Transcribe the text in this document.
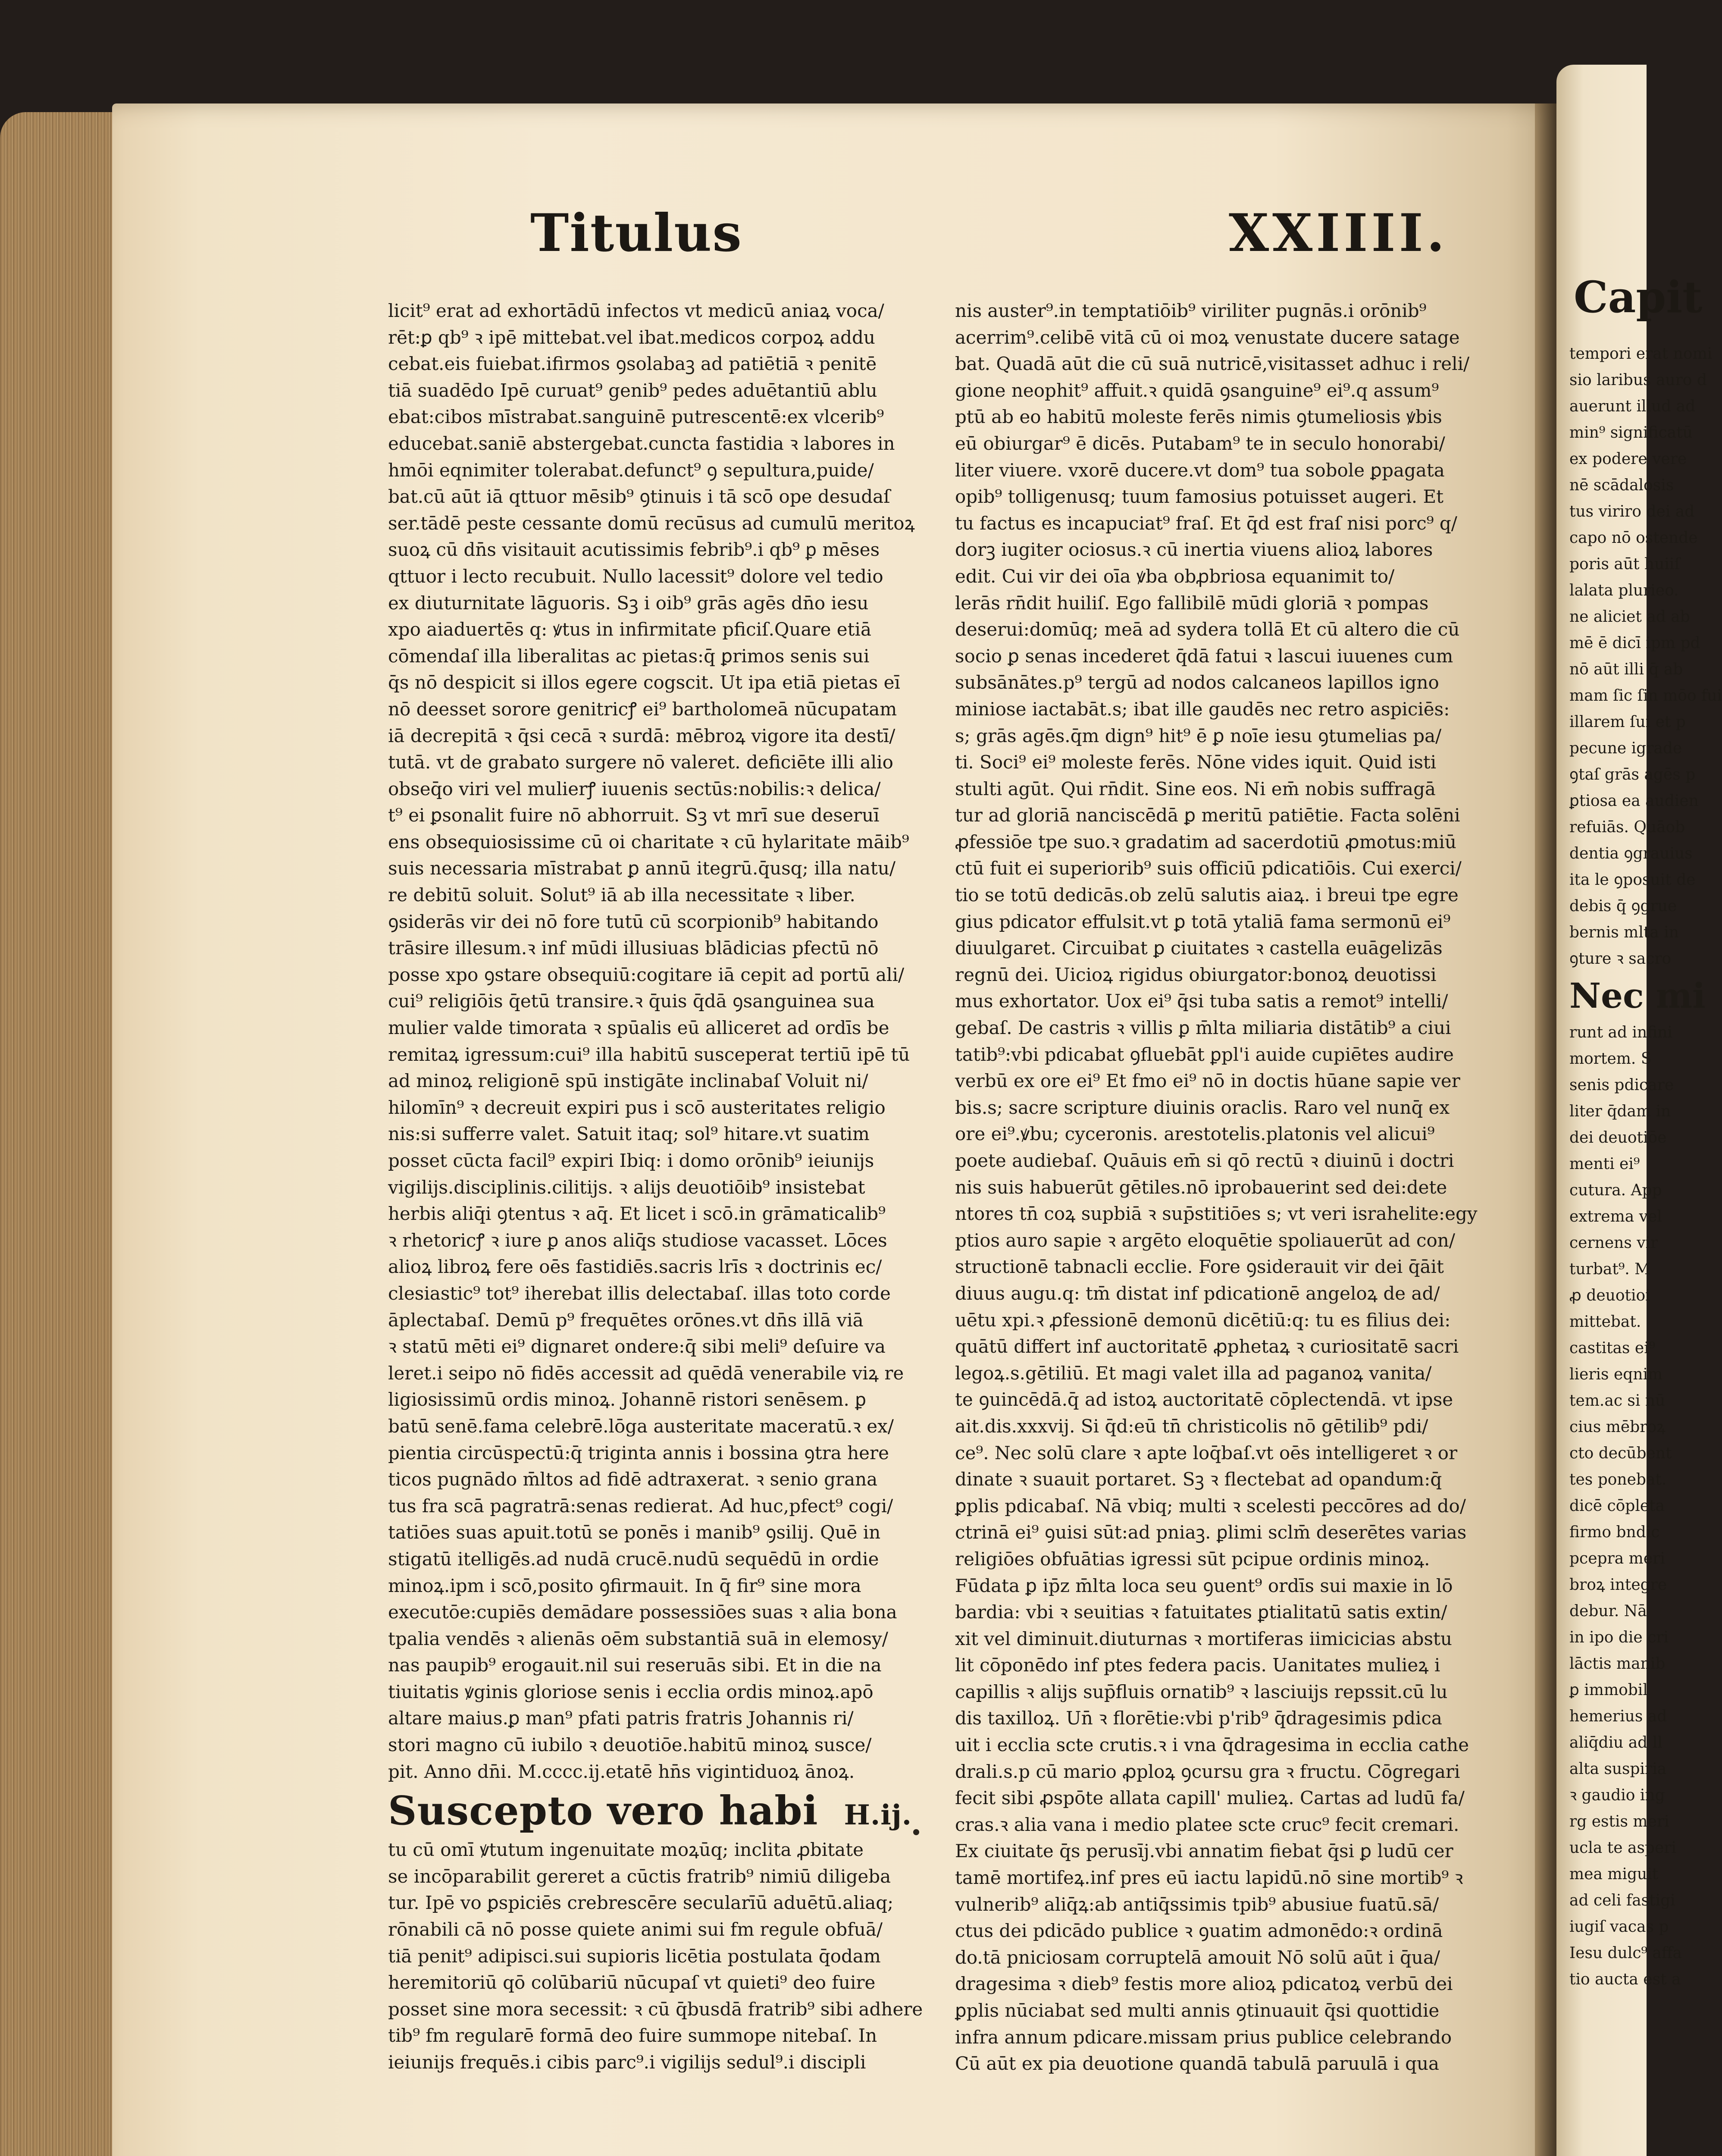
Capit
tempori erat nomi
sio laribus auro d
auerunt illud ad
min⁹ significatū
ex podere vere
nē scādalosis
tus viriro dei ad
capo nō ostende
poris aūt huiiſ
lalata plurieo.
ne aliciet ad ab
mē ē dicī ipm pd
nō aūt illi q̄ ab
mam ſic ſin mōo fui
illarem ſui et p
pecune igrade
ꝯtaſ grās agēs p
ꝑtiosa ea audien
refuiās. Quāob
dentia ꝯgrauius
ita le ꝯposuit de
debis q̄ ꝯgrue
bernis mlta in
ꝯture ꝛ sacro
Nec mi
runt ad infini
mortem. S
senis pdicare
liter q̄dam in
dei deuotiōe
menti ei⁹
cutura. App
extrema vel
cernens vir
turbat⁹. M
ꝓ deuotioi
mittebat.
castitas ei⁹
lieris eqnim
tem.ac si nū
cius mēbroꝝ
cto decūbent
tes ponebat.
dicē cōpleta
firmo bndic
pcepra meri
broꝝ integre
debur. Nā
in ipo die cri
lāctis manib
ꝑ immobil
hemerius ad
aliq̄diu ad ll
alta suspiria
ꝛ gaudio ing
rg estis meri
ucla te asperi
mea miguit
ad celi fastigi
iugiſ vacas p
Iesu dulc⁹ affa
tio aucta est a
Titulus	XXIIII.
licit⁹ erat ad exhortādū infectos vt medicū aniaꝝ voca/
rēt:ꝑ qb⁹ ꝛ ipē mittebat.vel ibat.medicos corpoꝝ addu
cebat.eis fuiebat.ifirmos ꝯsolabaꝫ ad patiētiā ꝛ penitē
tiā suadēdo Ipē curuat⁹ genib⁹ pedes aduētantiū ablu
ebat:cibos mīstrabat.sanguinē putrescentē:ex vlcerib⁹
educebat.saniē abstergebat.cuncta fastidia ꝛ labores in
hmōi eqnimiter tolerabat.defunct⁹ ꝯ sepultura,puide/
bat.cū aūt iā qttuor mēsib⁹ ꝯtinuis i tā scō ope desudaſ
ser.tādē peste cessante domū recūsus ad cumulū meritoꝝ
suoꝝ cū dn̄s visitauit acutissimis febrib⁹.i qb⁹ ꝑ mēses
qttuor i lecto recubuit. Nullo lacessit⁹ dolore vel tedio
ex diuturnitate lāguoris. Sꝫ i oib⁹ grās agēs dn̄o iesu
xpo aiaduertēs q: ꝟtus in infirmitate pficiſ.Quare etiā
cōmendaſ illa liberalitas ac pietas:q̄ ꝑrimos senis sui
q̄s nō despicit si illos egere cogscit. Ut ipa etiā pietas eī
nō deesset sorore genitricꝭ ei⁹ bartholomeā nūcupatam
iā decrepitā ꝛ q̄si cecā ꝛ surdā: mēbroꝝ vigore ita destī/
tutā. vt de grabato surgere nō valeret. deficiēte illi alio
obseq̄o viri vel mulierꝭ iuuenis sectūs:nobilis:ꝛ delica/
t⁹ ei ꝑsonalit fuire nō abhorruit. Sꝫ vt mrī sue deseruī
ens obsequiosissime cū oi charitate ꝛ cū hylaritate māib⁹
suis necessaria mīstrabat ꝑ annū itegrū.q̄usq; illa natu/
re debitū soluit. Solut⁹ iā ab illa necessitate ꝛ liber.
ꝯsiderās vir dei nō fore tutū cū scorpionib⁹ habitando
trāsire illesum.ꝛ inf mūdi illusiuas blādicias pfectū nō
posse xpo ꝯstare obsequiū:cogitare iā cepit ad portū ali/
cui⁹ religiōis q̄etū transire.ꝛ q̄uis q̄dā ꝯsanguinea sua
mulier valde timorata ꝛ spūalis eū alliceret ad ordīs be
remitaꝝ igressum:cui⁹ illa habitū susceperat tertiū ipē tū
ad minoꝝ religionē spū instigāte inclinabaſ Voluit ni/
hilomīn⁹ ꝛ decreuit expiri pus i scō austeritates religio
nis:si sufferre valet. Satuit itaq; sol⁹ hitare.vt suatim
posset cūcta facil⁹ expiri Ibiq: i domo orōnib⁹ ieiunijs
vigilijs.disciplinis.cilitijs. ꝛ alijs deuotiōib⁹ insistebat
herbis aliq̄i ꝯtentus ꝛ aq̄. Et licet i scō.in grāmaticalib⁹
ꝛ rhetoricꝭ ꝛ iure ꝑ anos aliq̄s studiose vacasset. Lōces
alioꝝ libroꝝ fere oēs fastidiēs.sacris lrīs ꝛ doctrinis ec/
clesiastic⁹ tot⁹ iherebat illis delectabaſ. illas toto corde
āplectabaſ. Demū p⁹ frequētes orōnes.vt dn̄s illā viā
ꝛ statū mēti ei⁹ dignaret ondere:q̄ sibi meli⁹ deſuire va
leret.i seipo nō fidēs accessit ad quēdā venerabile viꝝ re
ligiosissimū ordis minoꝝ. Johannē ristori senēsem. ꝑ
batū senē.fama celebrē.lōga austeritate maceratū.ꝛ ex/
pientia circūspectū:q̄ triginta annis i bossina ꝯtra here
ticos pugnādo m̄ltos ad fidē adtraxerat. ꝛ senio grana
tus fra scā pagratrā:senas redierat. Ad huc,pfect⁹ cogi/
tatiōes suas apuit.totū se ponēs i manib⁹ ꝯsilij. Quē in
stigatū itelligēs.ad nudā crucē.nudū sequēdū in ordie
minoꝝ.ipm i scō,posito ꝯfirmauit. In q̄ fir⁹ sine mora
executōe:cupiēs demādare possessiōes suas ꝛ alia bona
tpalia vendēs ꝛ alienās oēm substantiā suā in elemosy/
nas paupib⁹ erogauit.nil sui reseruās sibi. Et in die na
tiuitatis ꝟginis gloriose senis i ecclia ordis minoꝝ.apō
altare maius.ꝑ man⁹ pfati patris fratris Johannis ri/
stori magno cū iubilo ꝛ deuotiōe.habitū minoꝝ susce/
pit. Anno dn̄i. M.cccc.ij.etatē hn̄s vigintiduoꝝ ānoꝝ.
Suscepto vero habi H.ij.
tu cū omī ꝟtutum ingenuitate moꝝūq; inclita ꝓbitate
se incōparabilit gereret a cūctis fratrib⁹ nimiū diligeba
tur. Ipē vo ꝑspiciēs crebrescēre secularīū aduētū.aliaq;
rōnabili cā nō posse quiete animi sui fm regule obfuā/
tiā penit⁹ adipisci.sui supioris licētia postulata q̄odam
heremitoriū qō colūbariū nūcupaſ vt quieti⁹ deo fuire
posset sine mora secessit: ꝛ cū q̄busdā fratrib⁹ sibi adhere
tib⁹ fm regularē formā deo fuire summope nitebaſ. In
ieiunijs frequēs.i cibis parc⁹.i vigilijs sedul⁹.i discipli
nis auster⁹.in temptatiōib⁹ viriliter pugnās.i orōnib⁹
acerrim⁹.celibē vitā cū oi moꝝ venustate ducere satage
bat. Quadā aūt die cū suā nutricē,visitasset adhuc i reli/
gione neophit⁹ affuit.ꝛ quidā ꝯsanguine⁹ ei⁹.q assum⁹
ptū ab eo habitū moleste ferēs nimis ꝯtumeliosis ꝟbis
eū obiurgar⁹ ē dicēs. Putabam⁹ te in seculo honorabi/
liter viuere. vxorē ducere.vt dom⁹ tua sobole ꝑpagata
opib⁹ tolligenusq; tuum famosius potuisset augeri. Et
tu factus es incapuciat⁹ fraſ. Et q̄d est fraſ nisi porc⁹ q/
dorꝫ iugiter ociosus.ꝛ cū inertia viuens alioꝝ labores
edit. Cui vir dei oīa ꝟba obꝓbriosa equanimit to/
lerās rn̄dit huiliſ. Ego fallibilē mūdi gloriā ꝛ pompas
deserui:domūq; meā ad sydera tollā Et cū altero die cū
socio ꝑ senas incederet q̄dā fatui ꝛ lascui iuuenes cum
subsānātes.p⁹ tergū ad nodos calcaneos lapillos igno
miniose iactabāt.s; ibat ille gaudēs nec retro aspiciēs:
s; grās agēs.q̄m dign⁹ hit⁹ ē ꝑ noīe iesu ꝯtumelias pa/
ti. Soci⁹ ei⁹ moleste ferēs. Nōne vides iquit. Quid isti
stulti agūt. Qui rn̄dit. Sine eos. Ni em̄ nobis suffragā
tur ad gloriā nanciscēdā ꝑ meritū patiētie. Facta solēni
ꝓfessiōe tpe suo.ꝛ gradatim ad sacerdotiū ꝓmotus:miū
ctū fuit ei superiorib⁹ suis officiū pdicatiōis. Cui exerci/
tio se totū dedicās.ob zelū salutis aiaꝝ. i breui tpe egre
gius pdicator effulsit.vt ꝑ totā ytaliā fama sermonū ei⁹
diuulgaret. Circuibat ꝑ ciuitates ꝛ castella euāgelizās
regnū dei. Uicioꝝ rigidus obiurgator:bonoꝝ deuotissi
mus exhortator. Uox ei⁹ q̄si tuba satis a remot⁹ intelli/
gebaſ. De castris ꝛ villis ꝑ m̄lta miliaria distātib⁹ a ciui
tatib⁹:vbi pdicabat ꝯfluebāt ꝑpl'i auide cupiētes audire
verbū ex ore ei⁹ Et fmo ei⁹ nō in doctis hūane sapie ver
bis.s; sacre scripture diuinis oraclis. Raro vel nunq̄ ex
ore ei⁹.ꝟbu; cyceronis. arestotelis.platonis vel alicui⁹
poete audiebaſ. Quāuis em̄ si qō rectū ꝛ diuinū i doctri
nis suis habuerūt gētiles.nō iprobauerint sed dei:dete
ntores tn̄ coꝝ supbiā ꝛ sup̄stitiōes s; vt veri israhelite:egy
ptios auro sapie ꝛ argēto eloquētie spoliauerūt ad con/
structionē tabnacli ecclie. Fore ꝯsiderauit vir dei q̄āit
diuus augu.q: tm̄ distat inf pdicationē angeloꝝ de ad/
uētu xpi.ꝛ ꝓfessionē demonū dicētiū:q: tu es filius dei:
quātū differt inf auctoritatē ꝓphetaꝝ ꝛ curiositatē sacri
legoꝝ.s.gētiliū. Et magi valet illa ad paganoꝝ vanita/
te ꝯuincēdā.q̄ ad istoꝝ auctoritatē cōplectendā. vt ipse
ait.dis.xxxvij. Si q̄d:eū tn̄ christicolis nō gētilib⁹ pdi/
ce⁹. Nec solū clare ꝛ apte loq̄baſ.vt oēs intelligeret ꝛ or
dinate ꝛ suauit portaret. Sꝫ ꝛ flectebat ad opandum:q̄
ꝑplis pdicabaſ. Nā vbiq; multi ꝛ scelesti peccōres ad do/
ctrinā ei⁹ ꝯuisi sūt:ad pniaꝫ. ꝑlimi sclm̄ deserētes varias
religiōes obfuātias igressi sūt pcipue ordinis minoꝝ.
Fūdata ꝑ ip̄z m̄lta loca seu ꝯuent⁹ ordīs sui maxie in lō
bardia: vbi ꝛ seuitias ꝛ fatuitates ꝑtialitatū satis extin/
xit vel diminuit.diuturnas ꝛ mortiferas iimicicias abstu
lit cōponēdo inf ptes federa pacis. Uanitates mulieꝝ i
capillis ꝛ alijs sup̄fluis ornatib⁹ ꝛ lasciuijs repssit.cū lu
dis taxilloꝝ. Un̄ ꝛ florētie:vbi p'rib⁹ q̄dragesimis pdica
uit i ecclia scte crutis.ꝛ i vna q̄dragesima in ecclia cathe
drali.s.p cū mario ꝓploꝝ ꝯcursu gra ꝛ fructu. Cōgregari
fecit sibi ꝓspōte allata capill' mulieꝝ. Cartas ad ludū fa/
cras.ꝛ alia vana i medio platee scte cruc⁹ fecit cremari.
Ex ciuitate q̄s perusīj.vbi annatim fiebat q̄si ꝑ ludū cer
tamē mortifeꝝ.inf pres eū iactu lapidū.nō sine mortib⁹ ꝛ
vulnerib⁹ aliq̄ꝝ:ab antiq̄ssimis tpib⁹ abusiue fuatū.sā/
ctus dei pdicādo publice ꝛ ꝯuatim admonēdo:ꝛ ordinā
do.tā pniciosam corruptelā amouit Nō solū aūt i q̄ua/
dragesima ꝛ dieb⁹ festis more alioꝝ pdicatoꝝ verbū dei
ꝑplis nūciabat sed multi annis ꝯtinuauit q̄si quottidie
infra annum pdicare.missam prius publice celebrando
Cū aūt ex pia deuotione quandā tabulā paruulā i qua
